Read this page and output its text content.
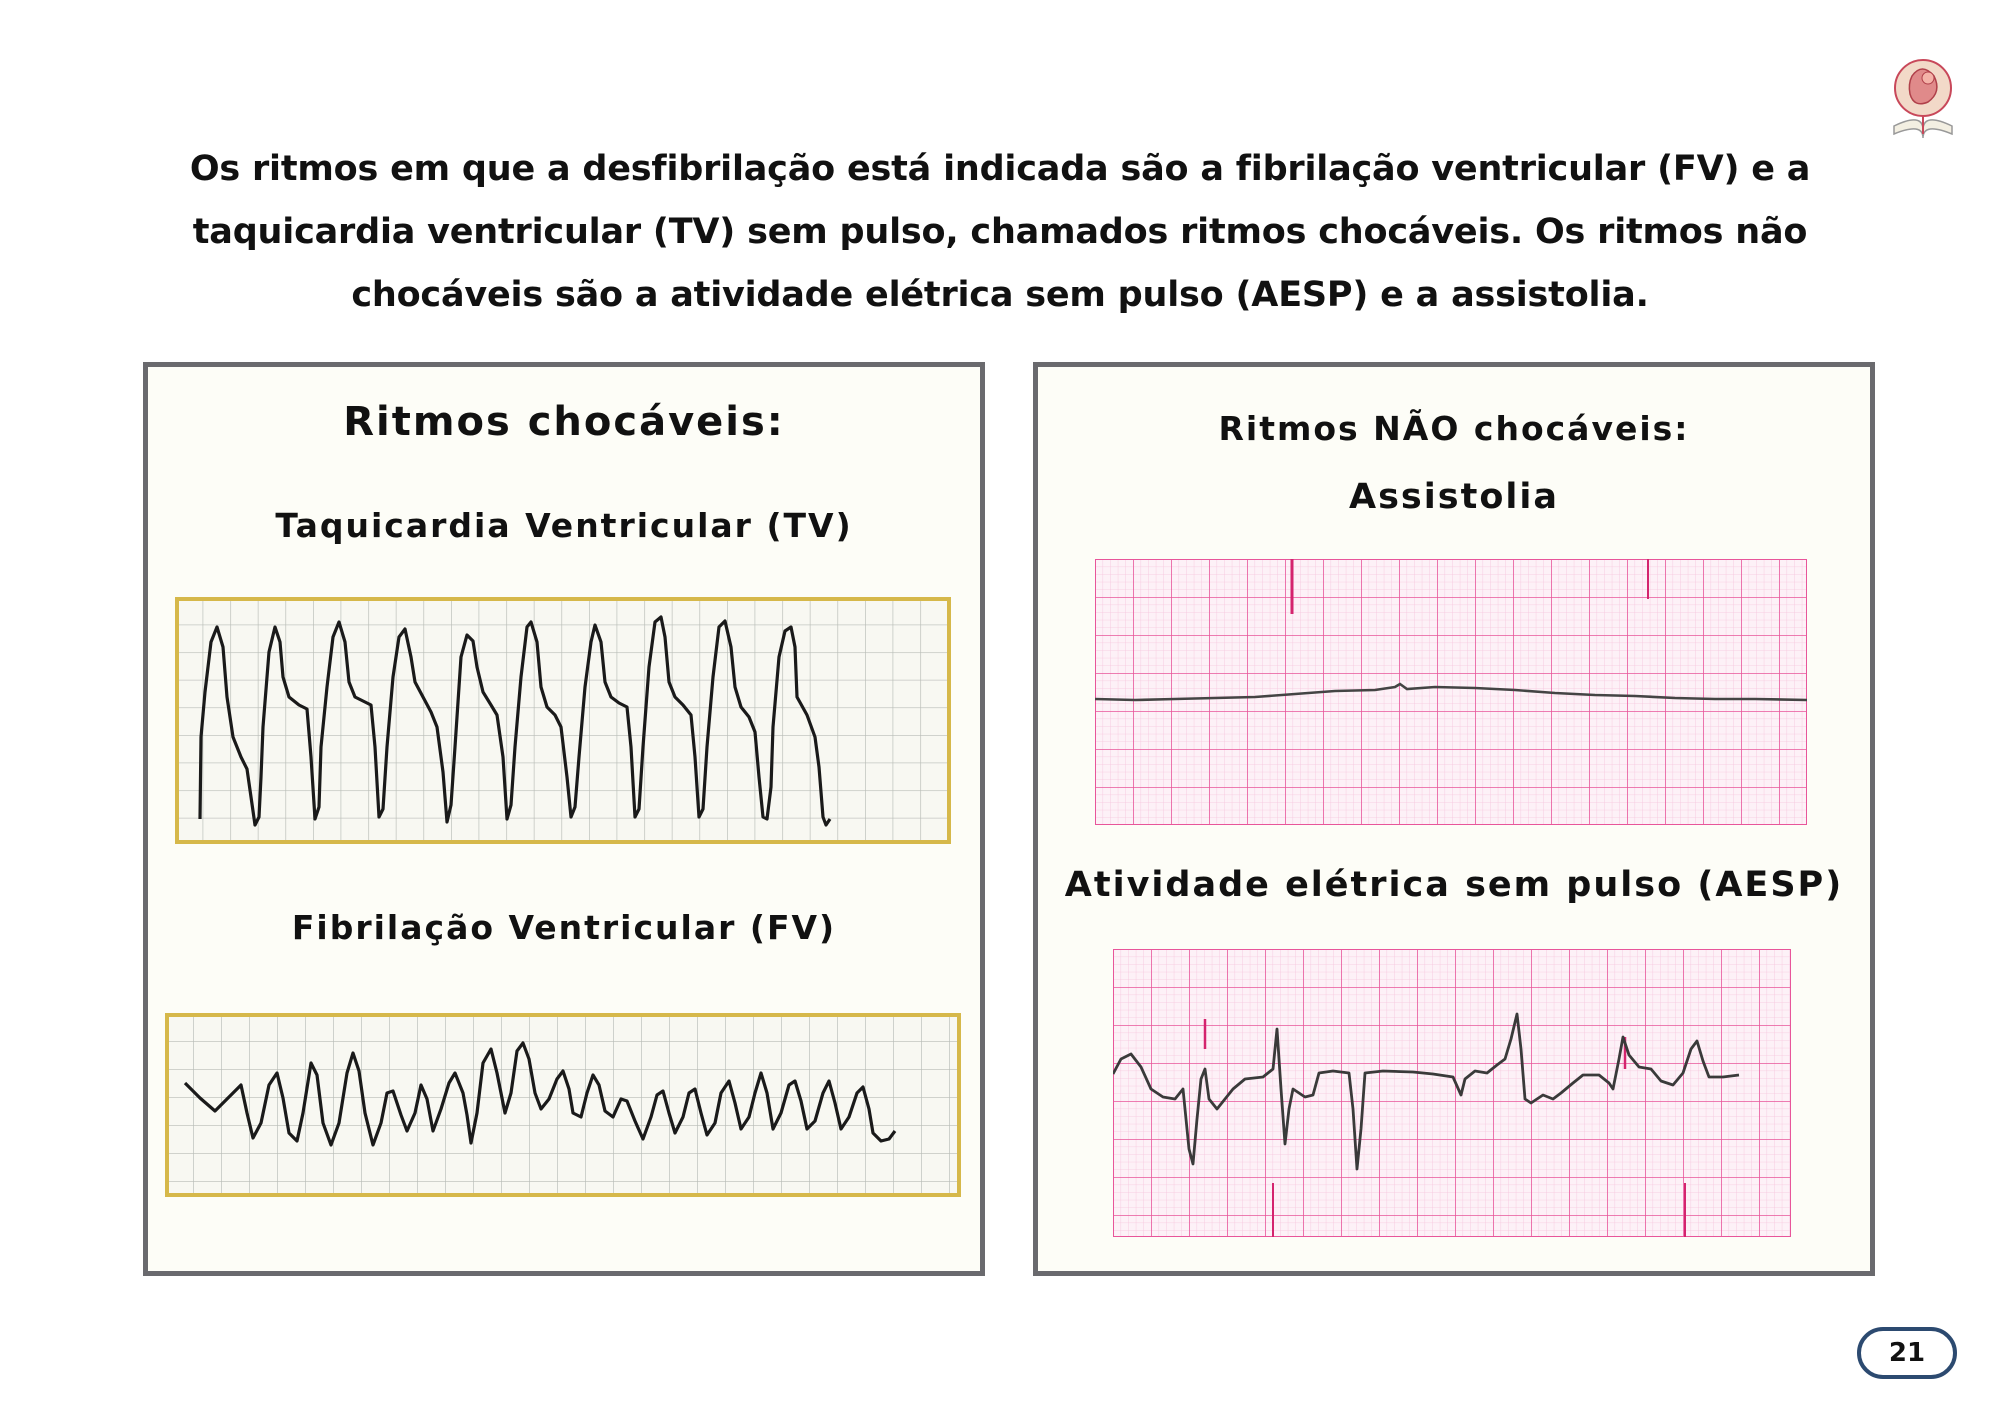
Os ritmos em que a desfibrilação está indicada são a fibrilação ventricular (FV) e a taquicardia ventricular (TV) sem pulso, chamados ritmos chocáveis. Os ritmos não chocáveis são a atividade elétrica sem pulso (AESP) e a assistolia.
Ritmos chocáveis:
Taquicardia Ventricular (TV)
Fibrilação Ventricular (FV)
Ritmos NÃO chocáveis:
Assistolia
Atividade elétrica sem pulso (AESP)
21
